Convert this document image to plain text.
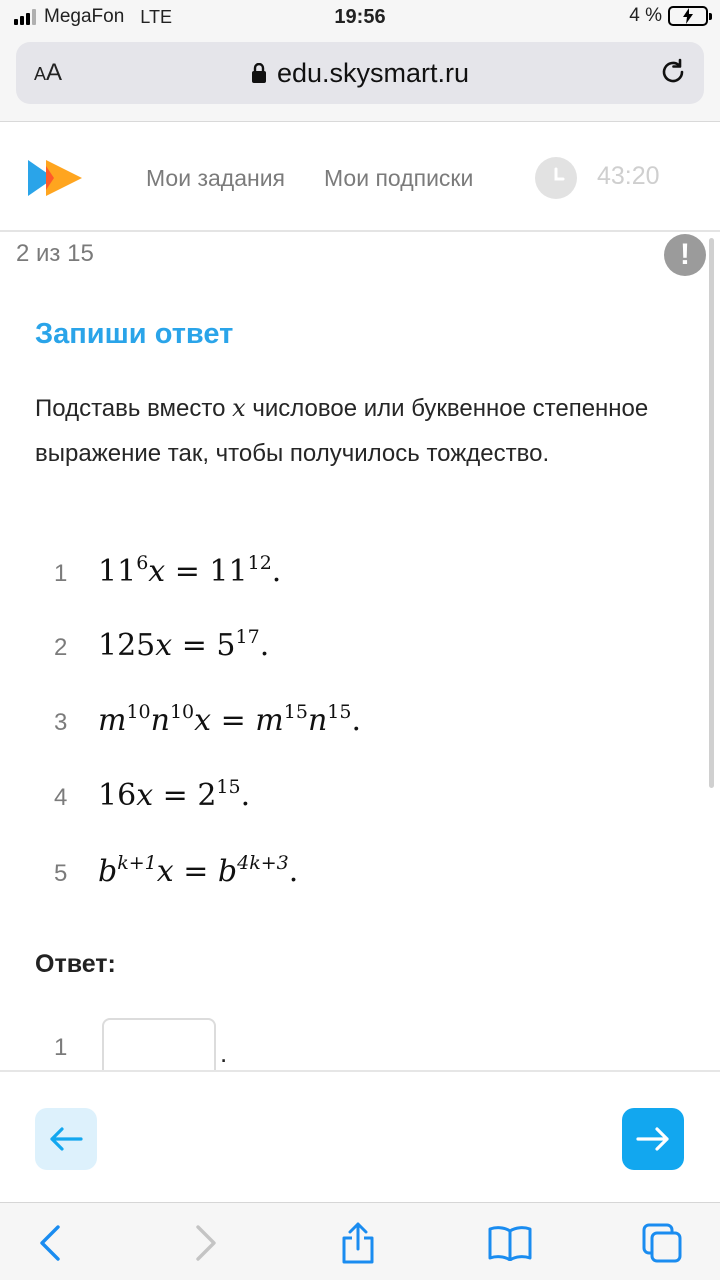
MegaFon LTE	19:56	4 %
AA	edu.skysmart.ru
Мои задания Мои подписки	43:20
2 из 15	!
Запиши ответ
Подставь вместо x числовое или буквенное степенное выражение так, чтобы получилось тождество.
1 $11^6x = 11^{12}$.
2 $125x = 5^{17}$.
3 $m^{10}n^{10}x = m^{15}n^{15}$.
4 $16x = 2^{15}$.
5 $b^{k+1}x = b^{4k+3}$.
Ответ:
1	.
